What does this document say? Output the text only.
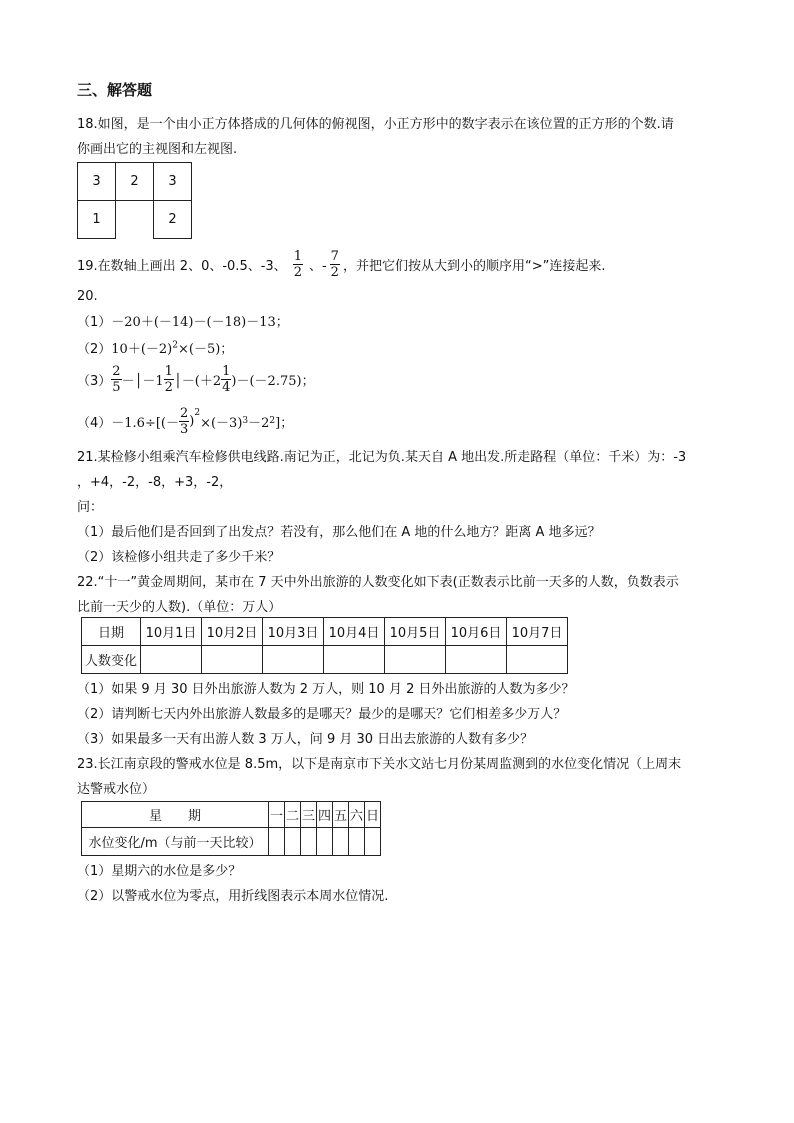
三、解答题
18.如图，是一个由小正方体搭成的几何体的俯视图，小正方形中的数字表示在该位置的正方形的个数.请
你画出它的主视图和左视图.
3	2	3
1		2
19.在数轴上画出 2、0、-0.5、-3、 $\frac{1}{2}$ 、- $\frac{7}{2}$ ，并把它们按从大到小的顺序用“>”连接起来.
20.
（1）－20＋(－14)－(－18)－13；
$(2)10+(-2)^2\times(-5)$；
$(3) \frac{2}{5}$ －│－1 $\frac{1}{2}$ │－(＋2 $\frac{1}{4} )-(-2.75)$；
$(4) -1.6\div[(- \frac{2}{3}$ )
$^2$
×(－3) 3 －2 2 ]；
21.某检修小组乘汽车检修供电线路.南记为正，北记为负.某天自 A 地出发.所走路程（单位：千米）为：-3
，+4，-2，-8，+3，-2，
问：
（1）最后他们是否回到了出发点？若没有，那么他们在 A 地的什么地方？距离 A 地多远？
（2）该检修小组共走了多少千米？
22.“十一”黄金周期间，某市在 7 天中外出旅游的人数变化如下表(正数表示比前一天多的人数，负数表示
比前一天少的人数).（单位：万人）
日期	10月1日	10月2日	10月3日	10月4日	10月5日	10月6日	10月7日
人数变化							
（1）如果 9 月 30 日外出旅游人数为 2 万人，则 10 月 2 日外出旅游的人数为多少？
（2）请判断七天内外出旅游人数最多的是哪天？最少的是哪天？它们相差多少万人？
（3）如果最多一天有出游人数 3 万人，问 9 月 30 日出去旅游的人数有多少？
23.长江南京段的警戒水位是 8.5m，以下是南京市下关水文站七月份某周监测到的水位变化情况（上周末
达警戒水位）
星　　期	一	二	三	四	五	六	日
水位变化/m（与前一天比较）							
（1）星期六的水位是多少？
（2）以警戒水位为零点，用折线图表示本周水位情况.
